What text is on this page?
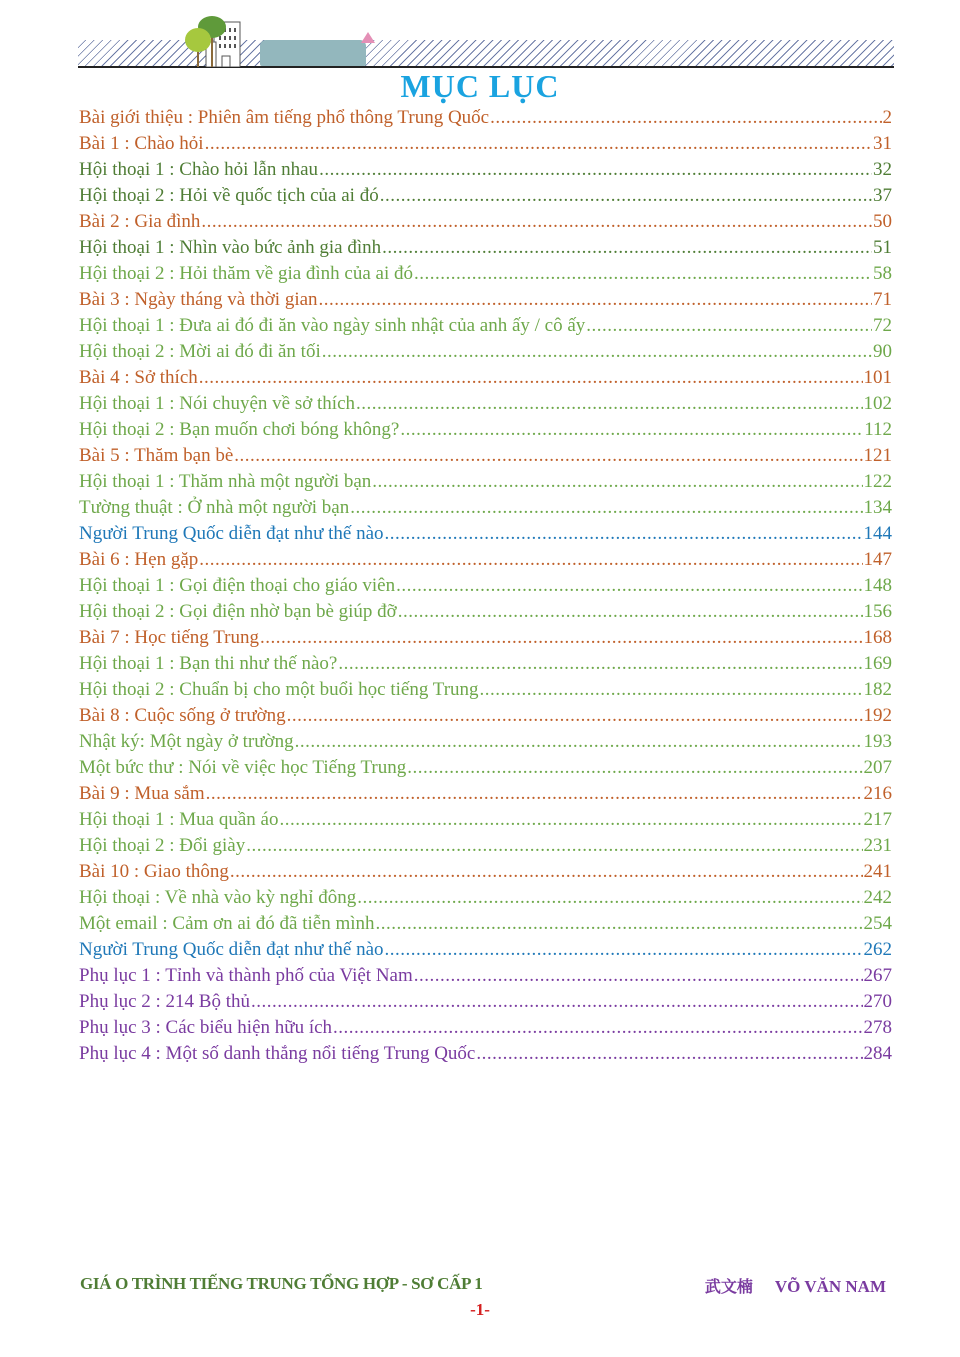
MỤC LỤC
Bài giới thiệu : Phiên âm tiếng phổ thông Trung Quốc .....	2
Bài 1 : Chào hỏi .....	31
Hội thoại 1 : Chào hỏi lẫn nhau .....	32
Hội thoại 2 : Hỏi về quốc tịch của ai đó .....	37
Bài 2 : Gia đình .....	50
Hội thoại 1 : Nhìn vào bức ảnh gia đình .....	51
Hội thoại 2 : Hỏi thăm về gia đình của ai đó .....	58
Bài 3 : Ngày tháng và thời gian .....	71
Hội thoại 1 : Đưa ai đó đi ăn vào ngày sinh nhật của anh ấy / cô ấy .....	72
Hội thoại 2 : Mời ai đó đi ăn tối .....	90
Bài 4 : Sở thích .....	101
Hội thoại 1 : Nói chuyện về sở thích .....	102
Hội thoại 2 : Bạn muốn chơi bóng không? .....	112
Bài 5 : Thăm bạn bè .....	121
Hội thoại 1 : Thăm nhà một người bạn .....	122
Tường thuật : Ở nhà một người bạn .....	134
Người Trung Quốc diễn đạt như thế nào .....	144
Bài 6 : Hẹn gặp .....	147
Hội thoại 1 : Gọi điện thoại cho giáo viên .....	148
Hội thoại 2 : Gọi điện nhờ bạn bè giúp đỡ .....	156
Bài 7 : Học tiếng Trung .....	168
Hội thoại 1 : Bạn thi như thế nào? .....	169
Hội thoại 2 : Chuẩn bị cho một buổi học tiếng Trung .....	182
Bài 8 : Cuộc sống ở trường .....	192
Nhật ký: Một ngày ở trường .....	193
Một bức thư : Nói về việc học Tiếng Trung .....	207
Bài 9 : Mua sắm .....	216
Hội thoại 1 : Mua quần áo .....	217
Hội thoại 2 : Đổi giày .....	231
Bài 10 : Giao thông .....	241
Hội thoại : Về nhà vào kỳ nghỉ đông .....	242
Một email : Cảm ơn ai đó đã tiễn mình .....	254
Người Trung Quốc diễn đạt như thế nào .....	262
Phụ lục 1 : Tỉnh và thành phố của Việt Nam .....	267
Phụ lục 2 : 214 Bộ thủ .....	270
Phụ lục 3 : Các biểu hiện hữu ích .....	278
Phụ lục 4 : Một số danh thắng nổi tiếng Trung Quốc .....	284
GIÁ O TRÌNH TIẾNG TRUNG TỔNG HỢP - SƠ CẤP 1	武文楠 VÕ VĂN NAM
-1-
